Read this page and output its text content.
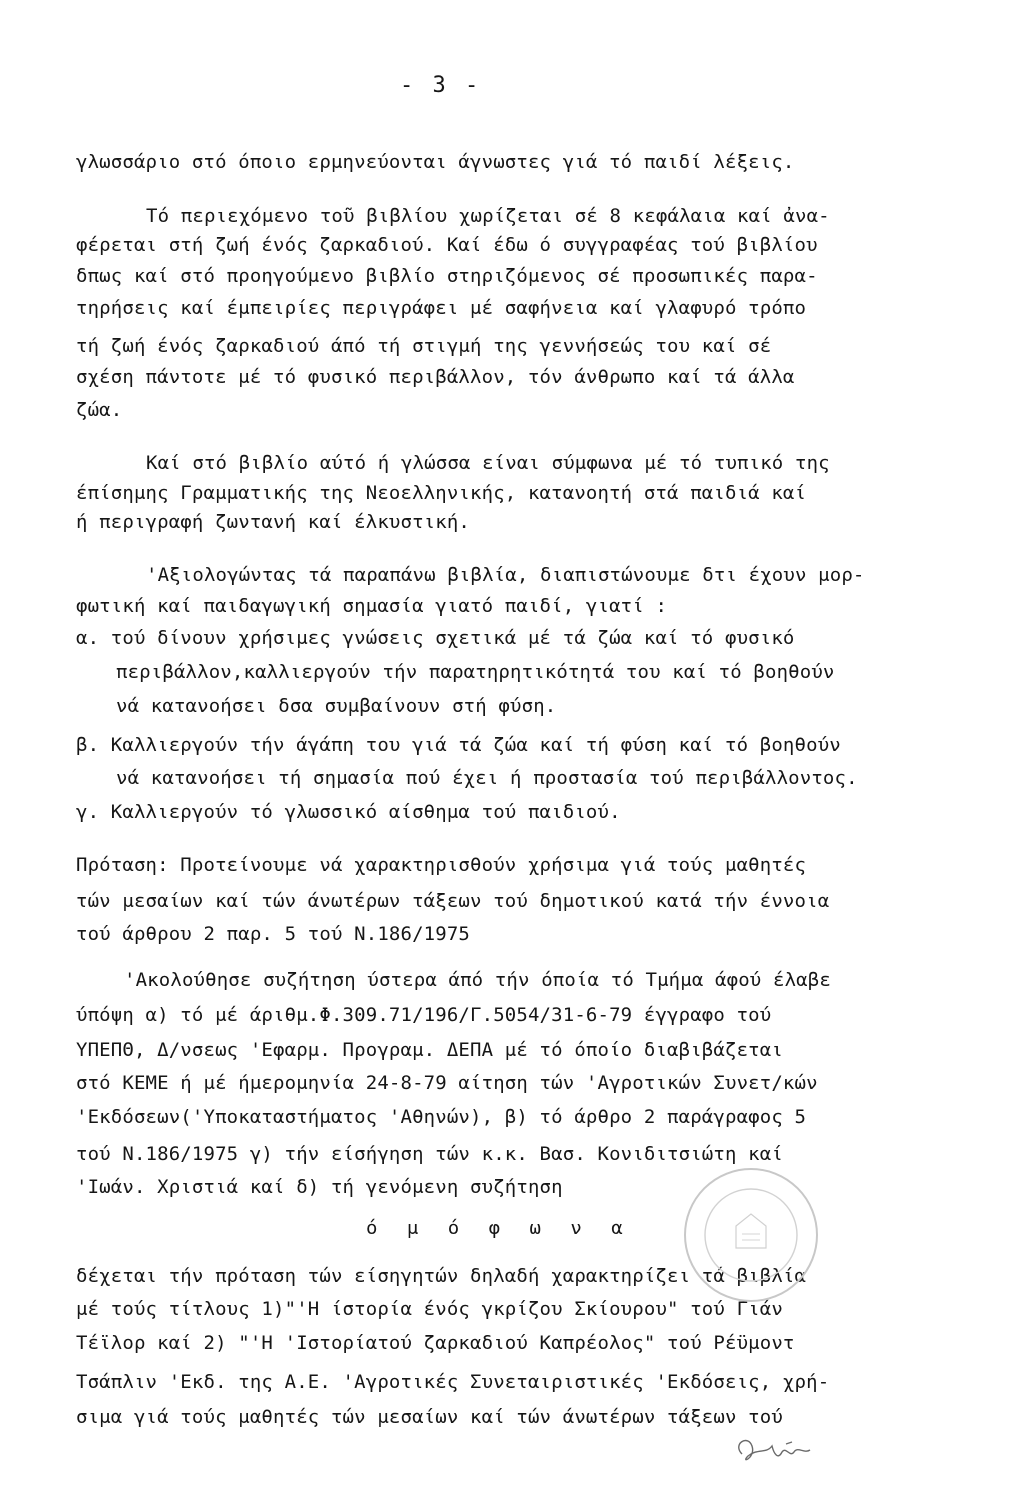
- 3 -
γλωσσάριο στό όποιο ερμηνεύονται άγνωστες γιά τό παιδί λέξεις.
Τό περιεχόμενο τοῦ βιβλίου χωρίζεται σέ 8 κεφάλαια καί ἀνα-
φέρεται στή ζωή ένός ζαρκαδιού. Καί έδω ό συγγραφέας τού βιβλίου
δπως καί στό προηγούμενο βιβλίο στηριζόμενος σέ προσωπικές παρα-
τηρήσεις καί έμπειρίες περιγράφει μέ σαφήνεια καί γλαφυρό τρόπο
τή ζωή ένός ζαρκαδιού άπό τή στιγμή της γεννήσεώς του καί σέ
σχέση πάντοτε μέ τό φυσικό περιβάλλον, τόν άνθρωπο καί τά άλλα
ζώα.
Καί στό βιβλίο αύτό ή γλώσσα είναι σύμφωνα μέ τό τυπικό της
έπίσημης Γραμματικής της Νεοελληνικής, κατανοητή στά παιδιά καί
ή περιγραφή ζωντανή καί έλκυστική.
'Αξιολογώντας τά παραπάνω βιβλία, διαπιστώνουμε δτι έχουν μορ-
φωτική καί παιδαγωγική σημασία γιατό παιδί, γιατί :
α. τού δίνουν χρήσιμες γνώσεις σχετικά μέ τά ζώα καί τό φυσικό
περιβάλλον,καλλιεργούν τήν παρατηρητικότητά του καί τό βοηθούν
νά κατανοήσει δσα συμβαίνουν στή φύση.
β. Καλλιεργούν τήν άγάπη του γιά τά ζώα καί τή φύση καί τό βοηθούν
νά κατανοήσει τή σημασία πού έχει ή προστασία τού περιβάλλοντος.
γ. Καλλιεργούν τό γλωσσικό αίσθημα τού παιδιού.
Πρόταση: Προτείνουμε νά χαρακτηρισθούν χρήσιμα γιά τούς μαθητές
τών μεσαίων καί τών άνωτέρων τάξεων τού δημοτικού κατά τήν έννοια
τού άρθρου 2 παρ. 5 τού Ν.186/1975
'Ακολούθησε συζήτηση ύστερα άπό τήν όποία τό Τμήμα άφού έλαβε
ύπόψη α) τό μέ άριθμ.Φ.309.71/196/Γ.5054/31-6-79 έγγραφο τού
ΥΠΕΠΘ, Δ/νσεως 'Εφαρμ. Προγραμ. ΔΕΠΑ μέ τό όποίο διαβιβάζεται
στό ΚΕΜΕ ή μέ ήμερομηνία 24-8-79 αίτηση τών 'Αγροτικών Συνετ/κών
'Εκδόσεων('Υποκαταστήματος 'Αθηνών), β) τό άρθρο 2 παράγραφος 5
τού Ν.186/1975 γ) τήν είσήγηση τών κ.κ. Βασ. Κονιδιτσιώτη καί
'Ιωάν. Χριστιά καί δ) τή γενόμενη συζήτηση
ό μ ό φ ω ν α
δέχεται τήν πρόταση τών είσηγητών δηλαδή χαρακτηρίζει τά βιβλία
μέ τούς τίτλους 1)"'Η ίστορία ένός γκρίζου Σκίουρου" τού Γιάν
Τέϊλορ καί 2) "'Η 'Ιστορίατού ζαρκαδιού Καπρέολος" τού Ρέϋμοντ
Τσάπλιν 'Εκδ. της Α.Ε. 'Αγροτικές Συνεταιριστικές 'Εκδόσεις, χρή-
σιμα γιά τούς μαθητές τών μεσαίων καί τών άνωτέρων τάξεων τού
